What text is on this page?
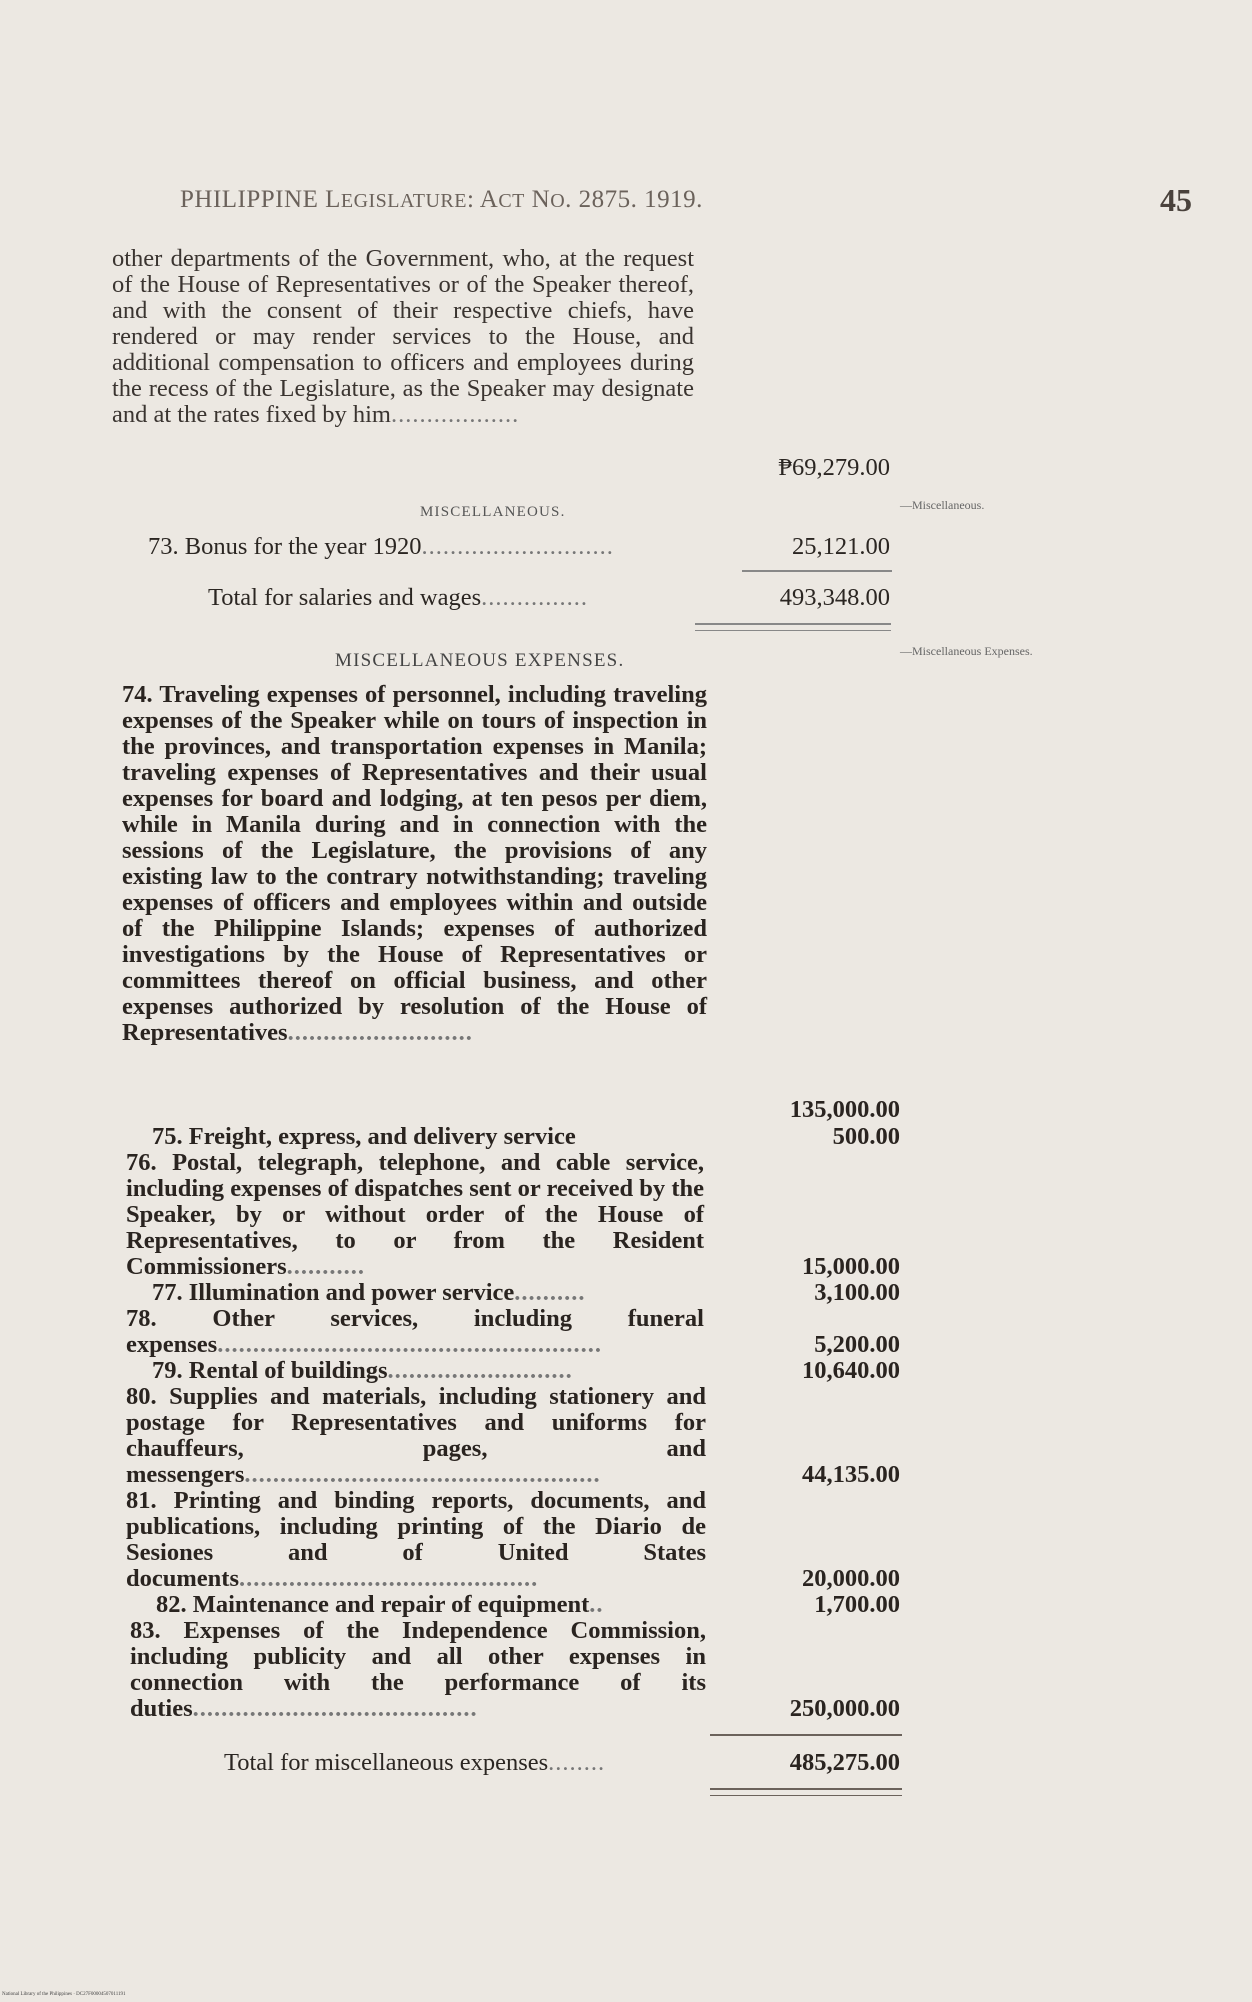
PHILIPPINE LEGISLATURE: ACT NO. 2875. 1919.	45
other departments of the Government, who, at the request of the House of Representatives or of the Speaker thereof, and with the consent of their respective chiefs, have rendered or may render services to the House, and additional compensation to officers and employees during the recess of the Legislature, as the Speaker may designate and at the rates fixed by him..................
₱69,279.00
MISCELLANEOUS.	—Miscellaneous.
73. Bonus for the year 1920...........................	25,121.00
Total for salaries and wages...............	493,348.00
MISCELLANEOUS EXPENSES.	—Miscellaneous Expenses.
74. Traveling expenses of personnel, including traveling expenses of the Speaker while on tours of inspection in the provinces, and transportation expenses in Manila; traveling expenses of Representatives and their usual expenses for board and lodging, at ten pesos per diem, while in Manila during and in connection with the sessions of the Legislature, the provisions of any existing law to the contrary notwithstanding; traveling expenses of officers and employees within and outside of the Philippine Islands; expenses of authorized investigations by the House of Representatives or committees thereof on official business, and other expenses authorized by resolution of the House of Representatives..........................
135,000.00
75. Freight, express, and delivery service	500.00
76. Postal, telegraph, telephone, and cable service, including expenses of dispatches sent or received by the Speaker, by or without order of the House of Representatives, to or from the Resident Commissioners...........	15,000.00
77. Illumination and power service..........	3,100.00
78. Other services, including funeral expenses......................................................	5,200.00
79. Rental of buildings..........................	10,640.00
80. Supplies and materials, including stationery and postage for Representatives and uniforms for chauffeurs, pages, and messengers..................................................	44,135.00
81. Printing and binding reports, documents, and publications, including printing of the Diario de Sesiones and of United States documents..........................................	20,000.00
82. Maintenance and repair of equipment..	1,700.00
83. Expenses of the Independence Commission, including publicity and all other expenses in connection with the performance of its duties........................................	250,000.00
Total for miscellaneous expenses........	485,275.00
National Library of the Philippines · DC27F00004507011191
